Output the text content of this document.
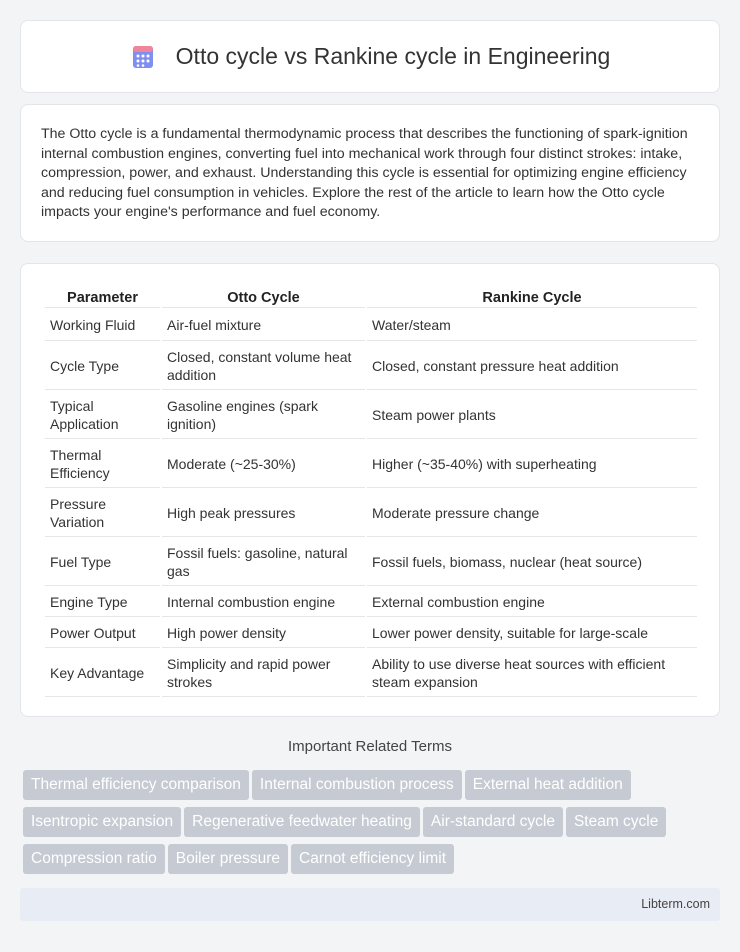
Otto cycle vs Rankine cycle in Engineering

The Otto cycle is a fundamental thermodynamic process that describes the functioning of spark-ignition internal combustion engines, converting fuel into mechanical work through four distinct strokes: intake, compression, power, and exhaust. Understanding this cycle is essential for optimizing engine efficiency and reducing fuel consumption in vehicles. Explore the rest of the article to learn how the Otto cycle impacts your engine's performance and fuel economy.

Parameter	Otto Cycle	Rankine Cycle
Working Fluid	Air-fuel mixture	Water/steam
Cycle Type	Closed, constant volume heat addition	Closed, constant pressure heat addition
Typical Application	Gasoline engines (spark ignition)	Steam power plants
Thermal Efficiency	Moderate (~25-30%)	Higher (~35-40%) with superheating
Pressure Variation	High peak pressures	Moderate pressure change
Fuel Type	Fossil fuels: gasoline, natural gas	Fossil fuels, biomass, nuclear (heat source)
Engine Type	Internal combustion engine	External combustion engine
Power Output	High power density	Lower power density, suitable for large-scale
Key Advantage	Simplicity and rapid power strokes	Ability to use diverse heat sources with efficient steam expansion
Important Related Terms
Thermal efficiency comparison Internal combustion process External heat addition
Isentropic expansion Regenerative feedwater heating Air-standard cycle Steam cycle
Compression ratio Boiler pressure Carnot efficiency limit
Libterm.com
